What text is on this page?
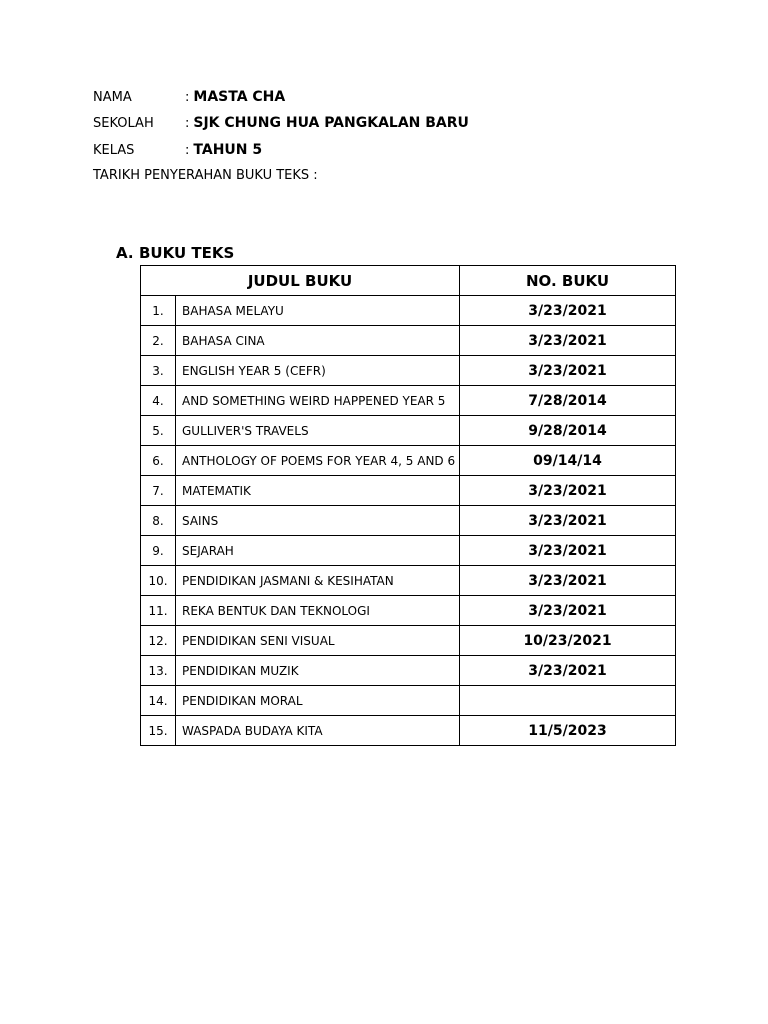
NAMA	: MASTA CHA
SEKOLAH	: SJK CHUNG HUA PANGKALAN BARU
KELAS	: TAHUN 5
TARIKH PENYERAHAN BUKU TEKS :
A. BUKU TEKS
JUDUL BUKU		NO. BUKU
1.	BAHASA MELAYU	3/23/2021
2.	BAHASA CINA	3/23/2021
3.	ENGLISH YEAR 5 (CEFR)	3/23/2021
4.	AND SOMETHING WEIRD HAPPENED YEAR 5	7/28/2014
5.	GULLIVER'S TRAVELS	9/28/2014
6.	ANTHOLOGY OF POEMS FOR YEAR 4, 5 AND 6	09/14/14
7.	MATEMATIK	3/23/2021
8.	SAINS	3/23/2021
9.	SEJARAH	3/23/2021
10.	PENDIDIKAN JASMANI & KESIHATAN	3/23/2021
11.	REKA BENTUK DAN TEKNOLOGI	3/23/2021
12.	PENDIDIKAN SENI VISUAL	10/23/2021
13.	PENDIDIKAN MUZIK	3/23/2021
14.	PENDIDIKAN MORAL	
15.	WASPADA BUDAYA KITA	11/5/2023
